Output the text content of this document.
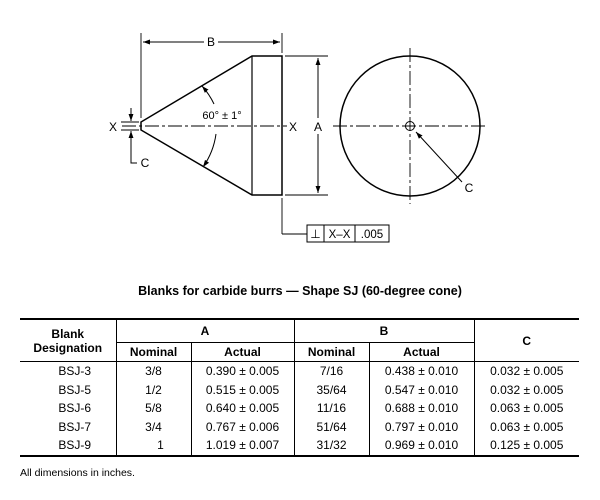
⊥ X–X .005
B
A
X	X
C
C
60° ± 1°
Blanks for carbide burrs — Shape SJ (60-degree cone)
Blank Designation	A		B		C
	Nominal	Actual	Nominal	Actual	
BSJ-3	3/8	0.390 ± 0.005	7/16	0.438 ± 0.010	0.032 ± 0.005
BSJ-5	1/2	0.515 ± 0.005	35/64	0.547 ± 0.010	0.032 ± 0.005
BSJ-6	5/8	0.640 ± 0.005	11/16	0.688 ± 0.010	0.063 ± 0.005
BSJ-7	3/4	0.767 ± 0.006	51/64	0.797 ± 0.010	0.063 ± 0.005
BSJ-9	1	1.019 ± 0.007	31/32	0.969 ± 0.010	0.125 ± 0.005
All dimensions in inches.
